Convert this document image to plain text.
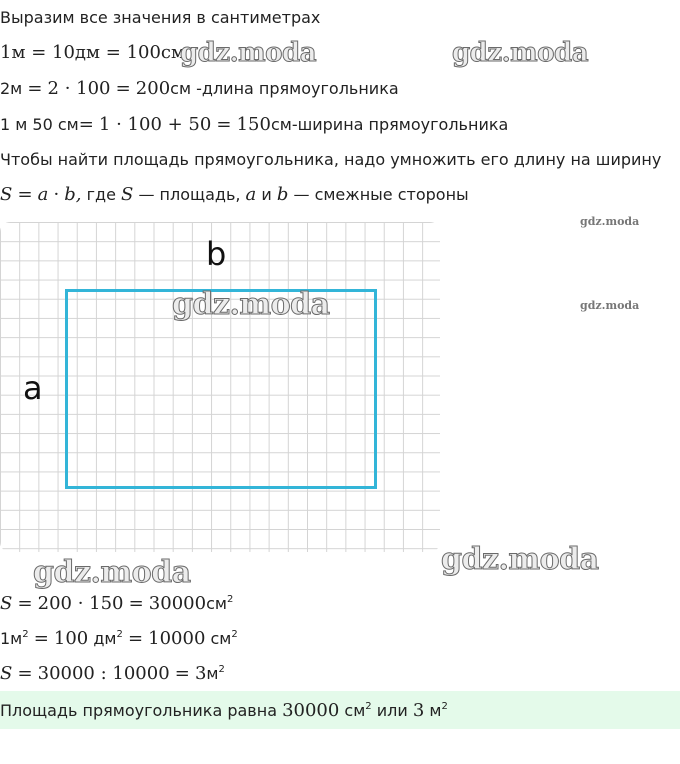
Выразим все значения в сантиметрах
1м = 10дм = 100см
2м = 2 · 100 = 200см -длина прямоугольника
1 м 50 см= 1 · 100 + 50 = 150см-ширина прямоугольника
Чтобы найти площадь прямоугольника, надо умножить его длину на ширину
S = a · b, где S — площадь, a и b — смежные стороны
b
a
gdz.moda	gdz.moda
gdz.moda
gdz.moda
gdz.moda
gdz.moda	gdz.moda
$S = 200 \cdot 150 = 30000см^2$
$1м^2 = 100$ $дм^2 = 10000$ $см^2$
S = 30000 : $10000 = 3м^2$
Площадь прямоугольника равна 30000 $см^2$ или 3 $м^2$
